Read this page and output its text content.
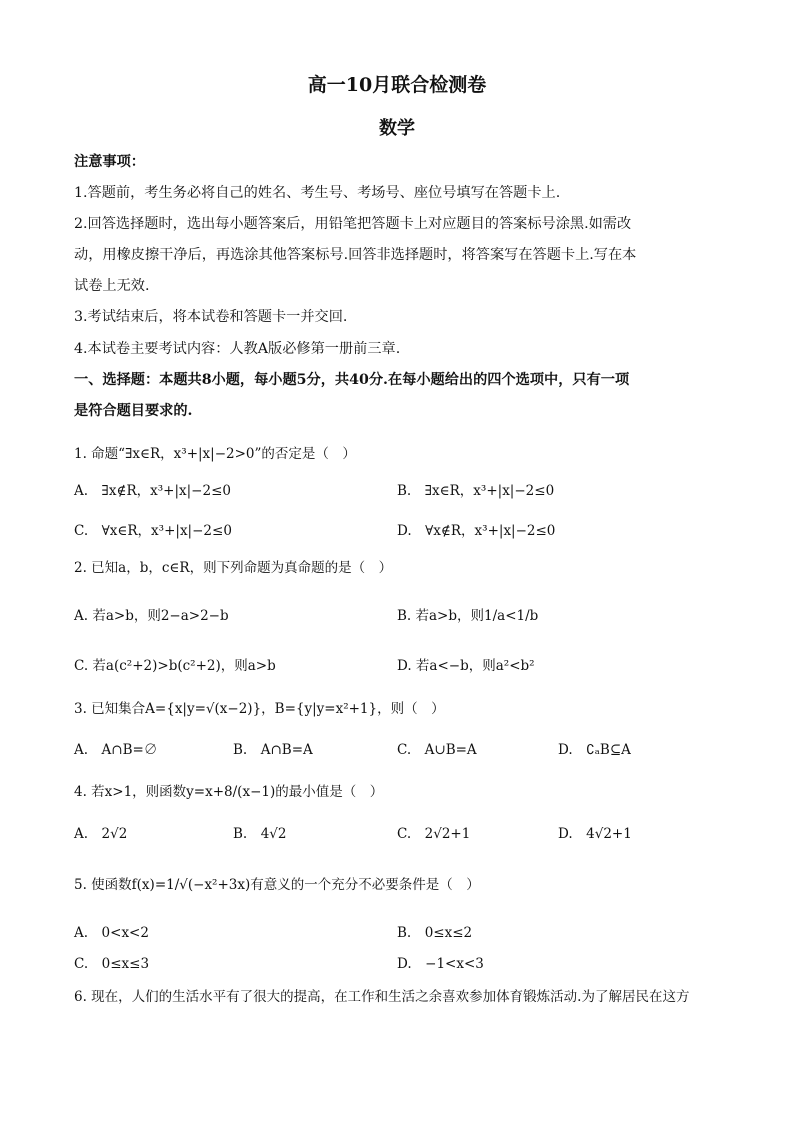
高一10月联合检测卷
数学
注意事项：
1.答题前，考生务必将自己的姓名、考生号、考场号、座位号填写在答题卡上.
2.回答选择题时，选出每小题答案后，用铅笔把答题卡上对应题目的答案标号涂黑.如需改
动，用橡皮擦干净后，再选涂其他答案标号.回答非选择题时，将答案写在答题卡上.写在本
试卷上无效.
3.考试结束后，将本试卷和答题卡一并交回.
4.本试卷主要考试内容：人教A版必修第一册前三章.
一、选择题：本题共8小题，每小题5分，共40分.在每小题给出的四个选项中，只有一项
是符合题目要求的.
1. 命题“∃x∈R，x³+|x|−2>0”的否定是（　）
A.　∃x∉R，x³+|x|−2≤0	B.　∃x∈R，x³+|x|−2≤0
C.　∀x∈R，x³+|x|−2≤0	D.　∀x∉R，x³+|x|−2≤0
2. 已知a，b，c∈R，则下列命题为真命题的是（　）
A. 若a>b，则2−a>2−b	B. 若a>b，则1/a<1/b
C. 若a(c²+2)>b(c²+2)，则a>b	D. 若a<−b，则a²<b²
3. 已知集合A={x|y=√(x−2)}，B={y|y=x²+1}，则（　）
A.　A∩B=∅	B.　A∩B=A	C.　A∪B=A	D.　∁ₐB⊆A
4. 若x>1，则函数y=x+8/(x−1)的最小值是（　）
A.　2√2	B.　4√2	C.　2√2+1	D.　4√2+1
5. 使函数f(x)=1/√(−x²+3x)有意义的一个充分不必要条件是（　）
A.　0<x<2	B.　0≤x≤2
C.　0≤x≤3	D.　−1<x<3
6. 现在，人们的生活水平有了很大的提高，在工作和生活之余喜欢参加体育锻炼活动.为了解居民在这方
